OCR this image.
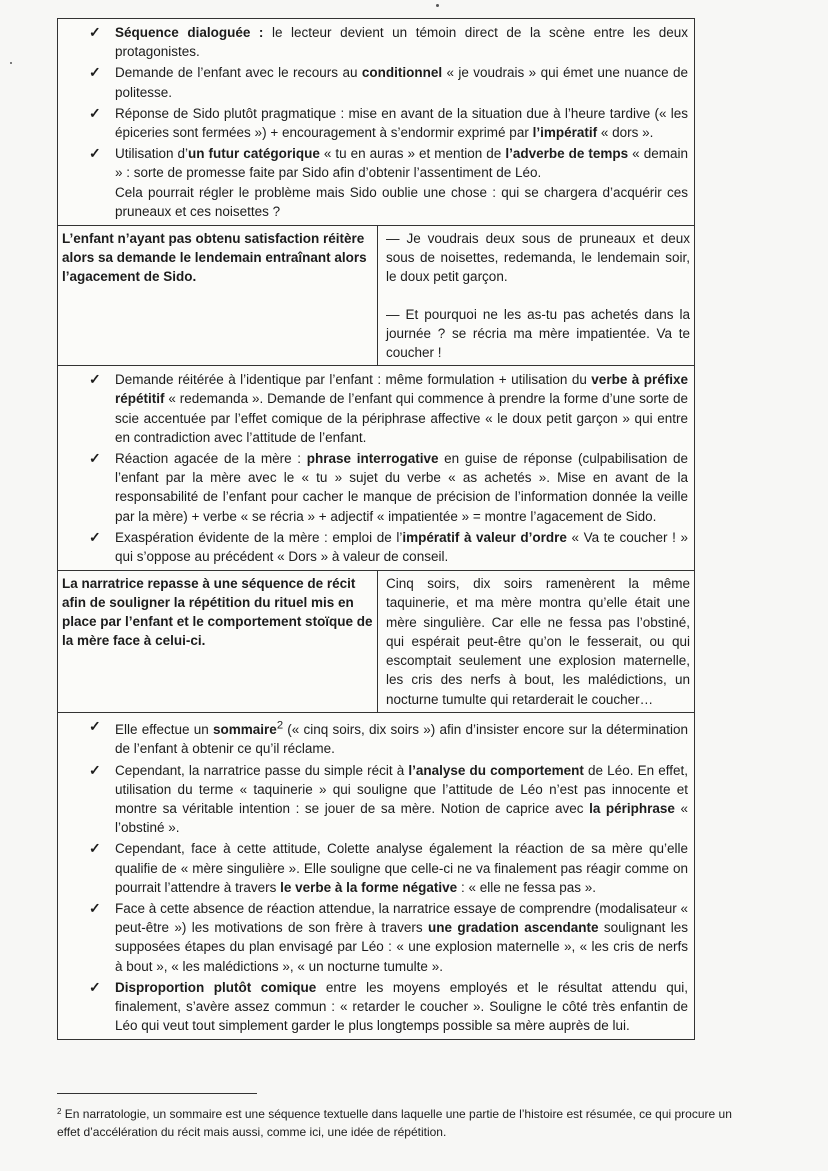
✓ Séquence dialoguée : le lecteur devient un témoin direct de la scène entre les deux protagonistes.
✓ Demande de l’enfant avec le recours au conditionnel « je voudrais » qui émet une nuance de politesse.
✓ Réponse de Sido plutôt pragmatique : mise en avant de la situation due à l’heure tardive (« les épiceries sont fermées ») + encouragement à s’endormir exprimé par l’impératif « dors ».
✓ Utilisation d’un futur catégorique « tu en auras » et mention de l’adverbe de temps « demain » : sorte de promesse faite par Sido afin d’obtenir l’assentiment de Léo.
Cela pourrait régler le problème mais Sido oublie une chose : qui se chargera d’acquérir ces pruneaux et ces noisettes ?
L’enfant n’ayant pas obtenu satisfaction réitère alors sa demande le lendemain entraînant alors l’agacement de Sido.

— Je voudrais deux sous de pruneaux et deux sous de noisettes, redemanda, le lendemain soir, le doux petit garçon.

— Et pourquoi ne les as-tu pas achetés dans la journée ? se récria ma mère impatientée. Va te coucher !

✓ Demande réitérée à l’identique par l’enfant : même formulation + utilisation du verbe à préfixe répétitif « redemanda ». Demande de l’enfant qui commence à prendre la forme d’une sorte de scie accentuée par l’effet comique de la périphrase affective « le doux petit garçon » qui entre en contradiction avec l’attitude de l’enfant.
✓ Réaction agacée de la mère : phrase interrogative en guise de réponse (culpabilisation de l’enfant par la mère avec le « tu » sujet du verbe « as achetés ». Mise en avant de la responsabilité de l’enfant pour cacher le manque de précision de l’information donnée la veille par la mère) + verbe « se récria » + adjectif « impatientée » = montre l’agacement de Sido.
✓ Exaspération évidente de la mère : emploi de l’impératif à valeur d’ordre « Va te coucher ! » qui s’oppose au précédent « Dors » à valeur de conseil.
La narratrice repasse à une séquence de récit afin de souligner la répétition du rituel mis en place par l’enfant et le comportement stoïque de la mère face à celui-ci.

Cinq soirs, dix soirs ramenèrent la même taquinerie, et ma mère montra qu’elle était une mère singulière. Car elle ne fessa pas l’obstiné, qui espérait peut-être qu’on le fesserait, ou qui escomptait seulement une explosion maternelle, les cris des nerfs à bout, les malédictions, un nocturne tumulte qui retarderait le coucher…

✓ Elle effectue un sommaire$^2$ (« cinq soirs, dix soirs ») afin d’insister encore sur la détermination de l’enfant à obtenir ce qu’il réclame.
✓ Cependant, la narratrice passe du simple récit à l’analyse du comportement de Léo. En effet, utilisation du terme « taquinerie » qui souligne que l’attitude de Léo n’est pas innocente et montre sa véritable intention : se jouer de sa mère. Notion de caprice avec la périphrase « l’obstiné ».
✓ Cependant, face à cette attitude, Colette analyse également la réaction de sa mère qu’elle qualifie de « mère singulière ». Elle souligne que celle-ci ne va finalement pas réagir comme on pourrait l’attendre à travers le verbe à la forme négative : « elle ne fessa pas ».
✓ Face à cette absence de réaction attendue, la narratrice essaye de comprendre (modalisateur « peut-être ») les motivations de son frère à travers une gradation ascendante soulignant les supposées étapes du plan envisagé par Léo : « une explosion maternelle », « les cris de nerfs à bout », « les malédictions », « un nocturne tumulte ».
✓ Disproportion plutôt comique entre les moyens employés et le résultat attendu qui, finalement, s’avère assez commun : « retarder le coucher ». Souligne le côté très enfantin de Léo qui veut tout simplement garder le plus longtemps possible sa mère auprès de lui.
$^2$ En narratologie, un sommaire est une séquence textuelle dans laquelle une partie de l’histoire est résumée, ce qui procure un effet d’accélération du récit mais aussi, comme ici, une idée de répétition.
